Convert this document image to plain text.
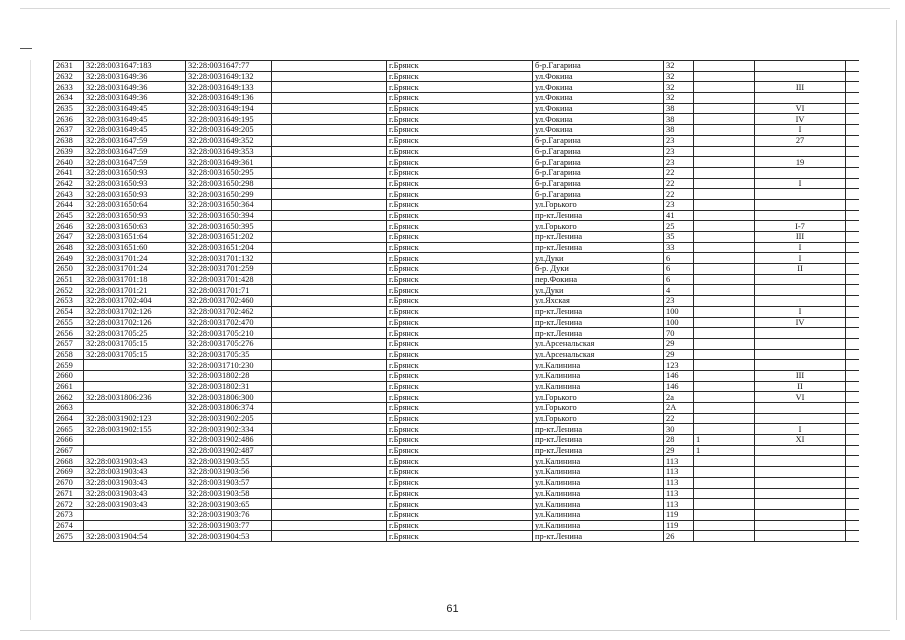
2631	32:28:0031647:183	32:28:0031647:77		г.Брянск	б-р.Гагарина	32			
2632	32:28:0031649:36	32:28:0031649:132		г.Брянск	ул.Фокина	32			
2633	32:28:0031649:36	32:28:0031649:133		г.Брянск	ул.Фокина	32		III	
2634	32:28:0031649:36	32:28:0031649:136		г.Брянск	ул.Фокина	32			
2635	32:28:0031649:45	32:28:0031649:194		г.Брянск	ул.Фокина	38		VI	
2636	32:28:0031649:45	32:28:0031649:195		г.Брянск	ул.Фокина	38		IV	
2637	32:28:0031649:45	32:28:0031649:205		г.Брянск	ул.Фокина	38		I	
2638	32:28:0031647:59	32:28:0031649:352		г.Брянск	б-р.Гагарина	23		27	
2639	32:28:0031647:59	32:28:0031649:353		г.Брянск	б-р.Гагарина	23			
2640	32:28:0031647:59	32:28:0031649:361		г.Брянск	б-р.Гагарина	23		19	
2641	32:28:0031650:93	32:28:0031650:295		г.Брянск	б-р.Гагарина	22			
2642	32:28:0031650:93	32:28:0031650:298		г.Брянск	б-р.Гагарина	22		I	
2643	32:28:0031650:93	32:28:0031650:299		г.Брянск	б-р.Гагарина	22			
2644	32:28:0031650:64	32:28:0031650:364		г.Брянск	ул.Горького	23			
2645	32:28:0031650:93	32:28:0031650:394		г.Брянск	пр-кт.Ленина	41			
2646	32:28:0031650:63	32:28:0031650:395		г.Брянск	ул.Горького	25		I-7	
2647	32:28:0031651:64	32:28:0031651:202		г.Брянск	пр-кт.Ленина	35		III	
2648	32:28:0031651:60	32:28:0031651:204		г.Брянск	пр-кт.Ленина	33		I	
2649	32:28:0031701:24	32:28:0031701:132		г.Брянск	ул.Дуки	6		I	
2650	32:28:0031701:24	32:28:0031701:259		г.Брянск	б-р. Дуки	6		II	
2651	32:28:0031701:18	32:28:0031701:428		г.Брянск	пер.Фокина	6			
2652	32:28:0031701:21	32:28:0031701:71		г.Брянск	ул.Дуки	4			
2653	32:28:0031702:404	32:28:0031702:460		г.Брянск	ул.Яхская	23			
2654	32:28:0031702:126	32:28:0031702:462		г.Брянск	пр-кт.Ленина	100		I	
2655	32:28:0031702:126	32:28:0031702:470		г.Брянск	пр-кт.Ленина	100		IV	
2656	32:28:0031705:25	32:28:0031705:210		г.Брянск	пр-кт.Ленина	70			
2657	32:28:0031705:15	32:28:0031705:276		г.Брянск	ул.Арсенальская	29			
2658	32:28:0031705:15	32:28:0031705:35		г.Брянск	ул.Арсенальская	29			
2659		32:28:0031710:230		г.Брянск	ул.Калинина	123			
2660		32:28:0031802:28		г.Брянск	ул.Калинина	146		III	
2661		32:28:0031802:31		г.Брянск	ул.Калинина	146		II	
2662	32:28:0031806:236	32:28:0031806:300		г.Брянск	ул.Горького	2а		VI	
2663		32:28:0031806:374		г.Брянск	ул.Горького	2А			
2664	32:28:0031902:123	32:28:0031902:205		г.Брянск	ул.Горького	22			
2665	32:28:0031902:155	32:28:0031902:334		г.Брянск	пр-кт.Ленина	30		I	
2666		32:28:0031902:486		г.Брянск	пр-кт.Ленина	28	1	XI	
2667		32:28:0031902:487		г.Брянск	пр-кт.Ленина	29	1		
2668	32:28:0031903:43	32:28:0031903:55		г.Брянск	ул.Калинина	113			
2669	32:28:0031903:43	32:28:0031903:56		г.Брянск	ул.Калинина	113			
2670	32:28:0031903:43	32:28:0031903:57		г.Брянск	ул.Калинина	113			
2671	32:28:0031903:43	32:28:0031903:58		г.Брянск	ул.Калинина	113			
2672	32:28:0031903:43	32:28:0031903:65		г.Брянск	ул.Калинина	113			
2673		32:28:0031903:76		г.Брянск	ул.Калинина	119			
2674		32:28:0031903:77		г.Брянск	ул.Калинина	119			
2675	32:28:0031904:54	32:28:0031904:53		г.Брянск	пр-кт.Ленина	26			
61
